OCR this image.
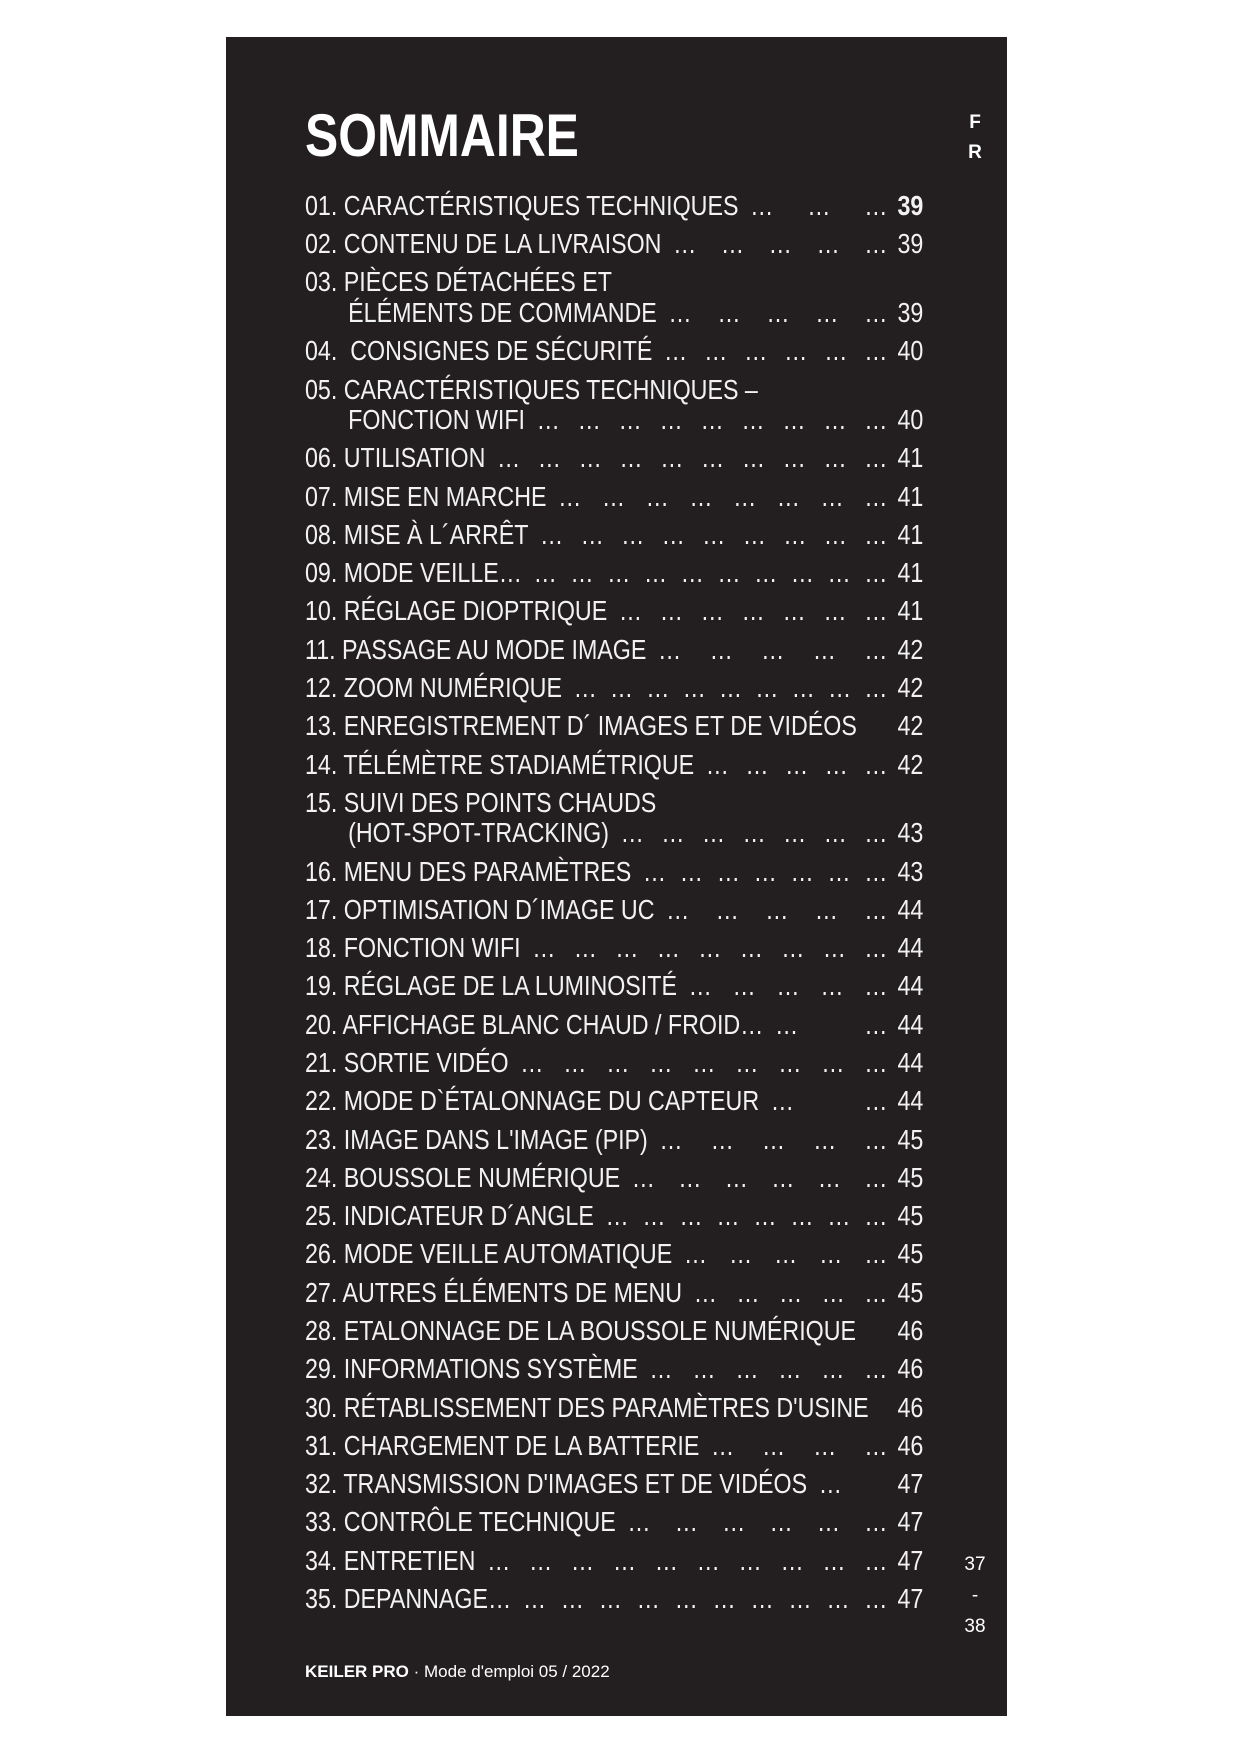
SOMMAIRE	F
R
01. CARACTÉRISTIQUES TECHNIQUES … … … 39
02. CONTENU DE LA LIVRAISON … … … … … 39
03. PIÈCES DÉTACHÉES ET
ÉLÉMENTS DE COMMANDE … … … … … 39
04.  CONSIGNES DE SÉCURITÉ … … … … … … 40
05. CARACTÉRISTIQUES TECHNIQUES –
FONCTION WIFI … … … … … … … … … 40
06. UTILISATION … … … … … … … … … … 41
07. MISE EN MARCHE … … … … … … … … 41
08. MISE À L´ARRÊT … … … … … … … … … 41
09. MODE VEILLE… … … … … … … … … … … 41
10. RÉGLAGE DIOPTRIQUE … … … … … … … 41
11. PASSAGE AU MODE IMAGE … … … … … 42
12. ZOOM NUMÉRIQUE … … … … … … … … … 42
13. ENREGISTREMENT D´ IMAGES ET DE VIDÉOS 42
14. TÉLÉMÈTRE STADIAMÉTRIQUE … … … … … 42
15. SUIVI DES POINTS CHAUDS
(HOT-SPOT-TRACKING) … … … … … … … 43
16. MENU DES PARAMÈTRES … … … … … … … 43
17. OPTIMISATION D´IMAGE UC … … … … … 44
18. FONCTION WIFI … … … … … … … … … 44
19. RÉGLAGE DE LA LUMINOSITÉ … … … … … 44
20. AFFICHAGE BLANC CHAUD / FROID… … … 44
21. SORTIE VIDÉO … … … … … … … … … 44
22. MODE D`ÉTALONNAGE DU CAPTEUR … … 44
23. IMAGE DANS L'IMAGE (PIP) … … … … … 45
24. BOUSSOLE NUMÉRIQUE … … … … … … 45
25. INDICATEUR D´ANGLE … … … … … … … … 45
26. MODE VEILLE AUTOMATIQUE … … … … … 45
27. AUTRES ÉLÉMENTS DE MENU … … … … … 45
28. ETALONNAGE DE LA BOUSSOLE NUMÉRIQUE 46
29. INFORMATIONS SYSTÈME … … … … … … 46
30. RÉTABLISSEMENT DES PARAMÈTRES D'USINE 46
31. CHARGEMENT DE LA BATTERIE … … … … 46
32. TRANSMISSION D'IMAGES ET DE VIDÉOS …	47
33. CONTRÔLE TECHNIQUE … … … … … … 47
34. ENTRETIEN … … … … … … … … … … 47
35. DEPANNAGE… … … … … … … … … … … 47
37
-
38
KEILER PRO · Mode d'emploi 05 / 2022
